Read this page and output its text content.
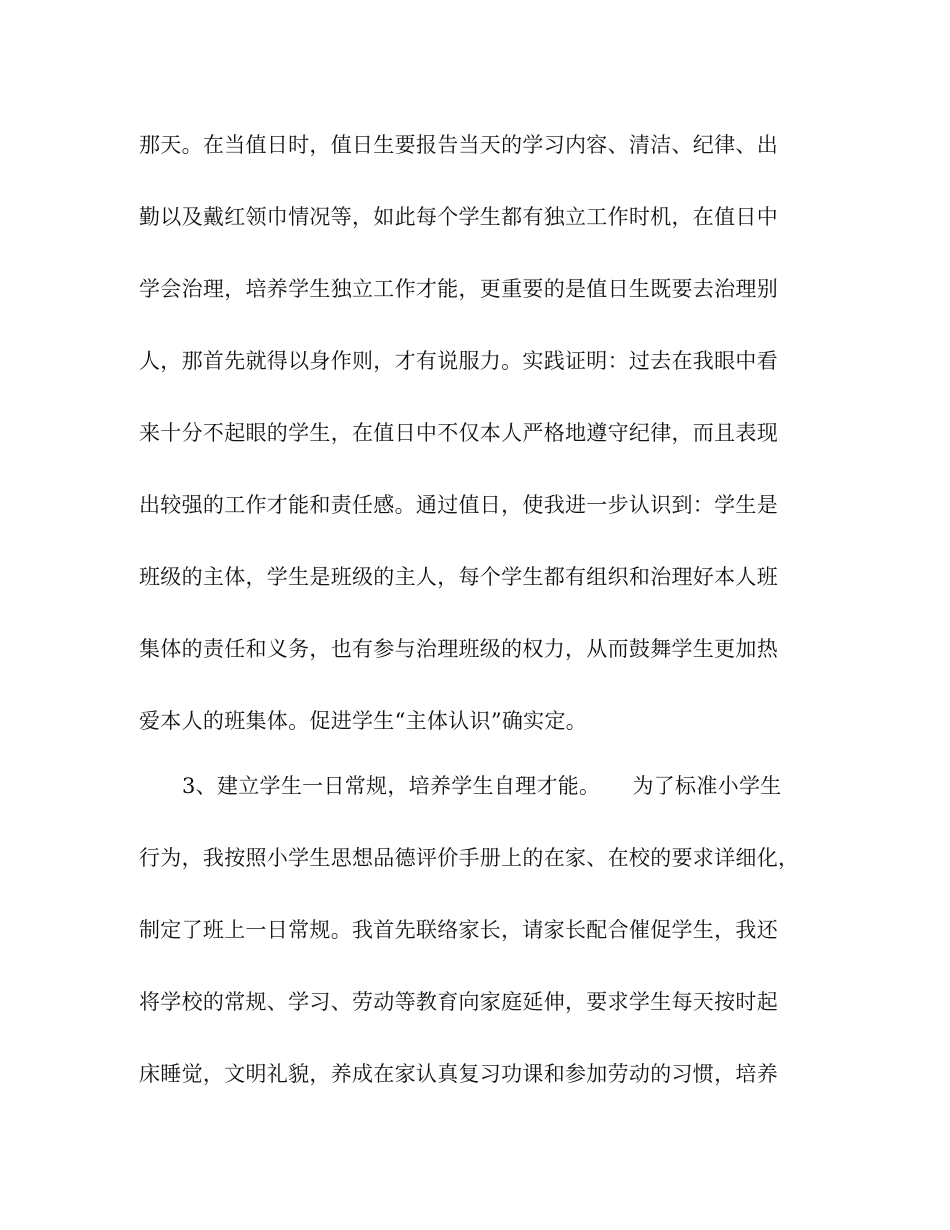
那天。在当值日时，值日生要报告当天的学习内容、清洁、纪律、出
勤以及戴红领巾情况等，如此每个学生都有独立工作时机，在值日中
学会治理，培养学生独立工作才能，更重要的是值日生既要去治理别
人，那首先就得以身作则，才有说服力。实践证明：过去在我眼中看
来十分不起眼的学生，在值日中不仅本人严格地遵守纪律，而且表现
出较强的工作才能和责任感。通过值日，使我进一步认识到：学生是
班级的主体，学生是班级的主人，每个学生都有组织和治理好本人班
集体的责任和义务，也有参与治理班级的权力，从而鼓舞学生更加热
爱本人的班集体。促进学生“主体认识”确实定。
3、建立学生一日常规，培养学生自理才能。　　为了标准小学生
行为，我按照小学生思想品德评价手册上的在家、在校的要求详细化，
制定了班上一日常规。我首先联络家长，请家长配合催促学生，我还
将学校的常规、学习、劳动等教育向家庭延伸，要求学生每天按时起
床睡觉，文明礼貌，养成在家认真复习功课和参加劳动的习惯，培养
